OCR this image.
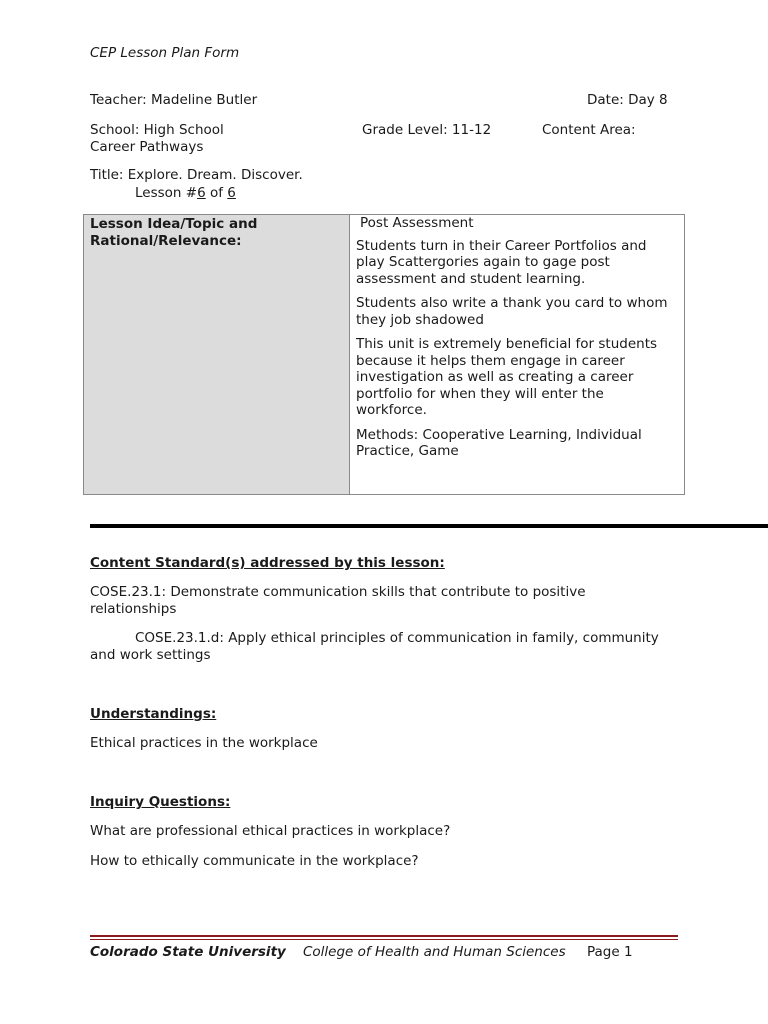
CEP Lesson Plan Form
Teacher: Madeline Butler	Date: Day 8
School: High School	Grade Level: 11-12	Content Area:
Career Pathways
Title: Explore. Dream. Discover.
Lesson #6 of 6
Lesson Idea/Topic and Rational/Relevance:

Post Assessment

Students turn in their Career Portfolios and play Scattergories again to gage post assessment and student learning.

Students also write a thank you card to whom they job shadowed

This unit is extremely beneficial for students because it helps them engage in career investigation as well as creating a career portfolio for when they will enter the workforce.

Methods: Cooperative Learning, Individual Practice, Game

Content Standard(s) addressed by this lesson:
COSE.23.1: Demonstrate communication skills that contribute to positive relationships
COSE.23.1.d: Apply ethical principles of communication in family, community and work settings
Understandings:
Ethical practices in the workplace
Inquiry Questions:
What are professional ethical practices in workplace?
How to ethically communicate in the workplace?
Colorado State University College of Health and Human Sciences Page 1
